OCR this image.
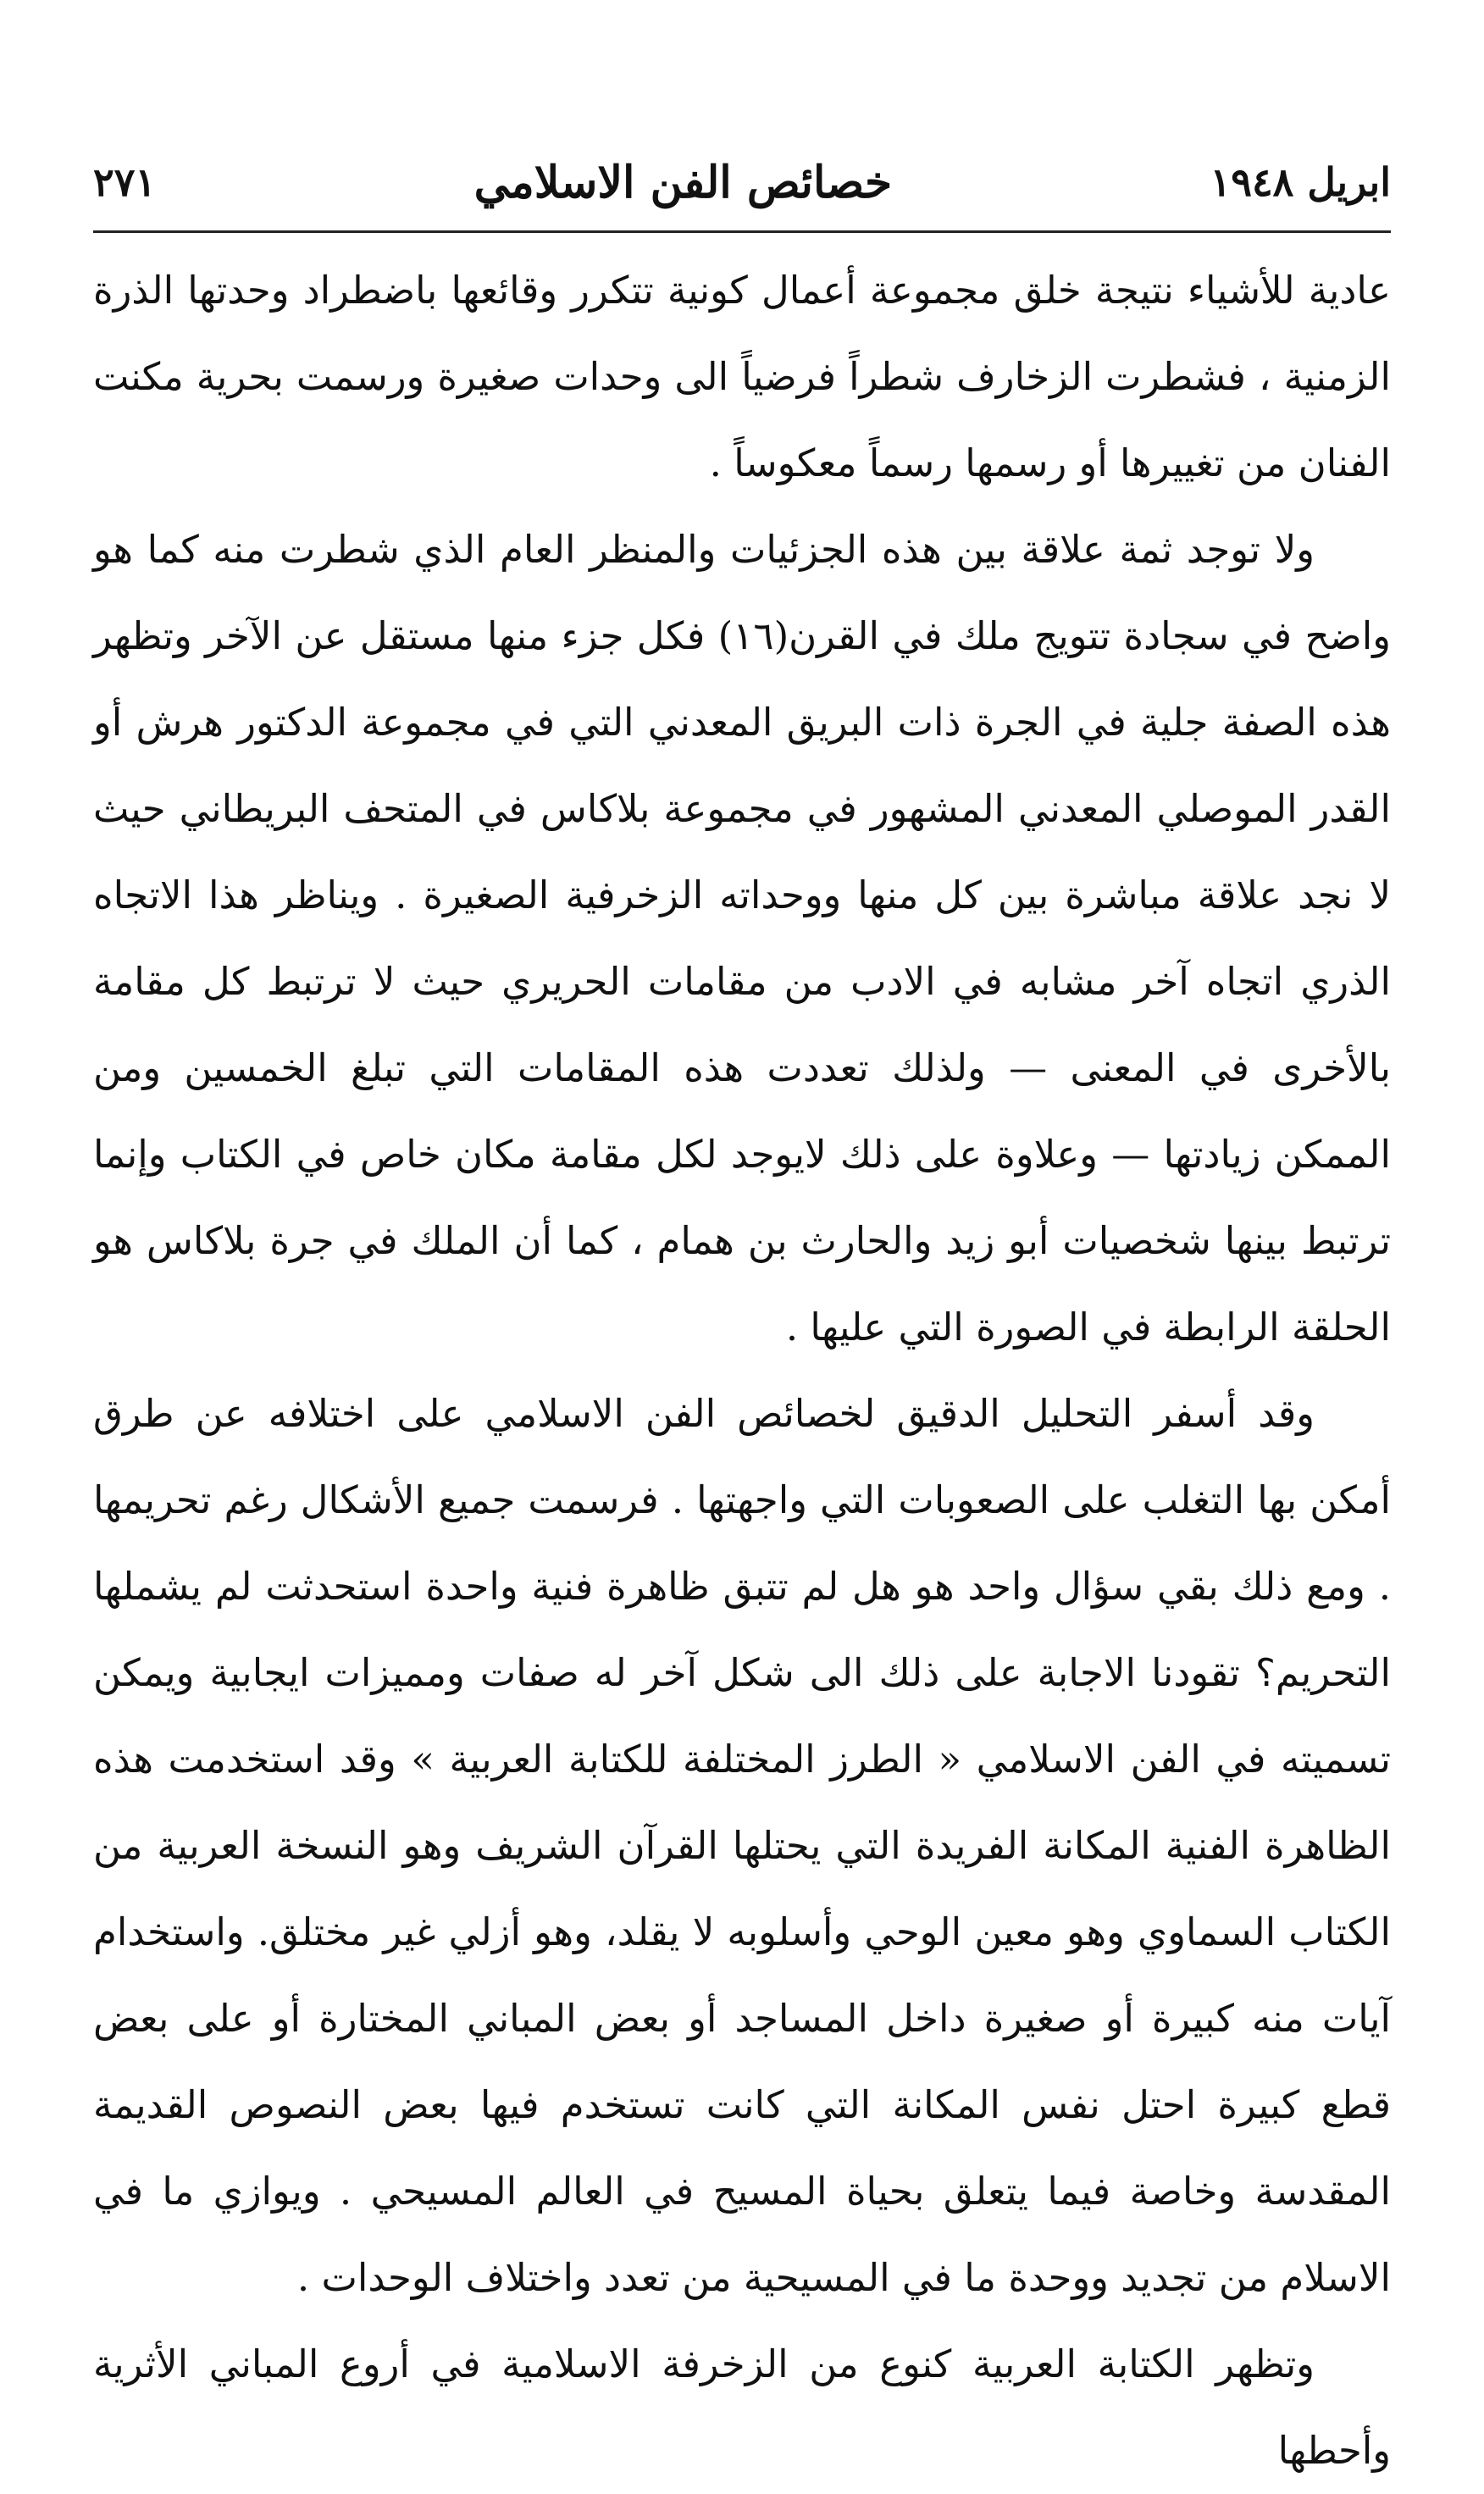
ابريل ١٩٤٨
خصائص الفن الاسلامي
٢٧١

عادية للأشياء نتيجة خلق مجموعة أعمال كونية تتكرر وقائعها باضطراد وحدتها الذرة الزمنية ، فشطرت الزخارف شطراً فرضياً الى وحدات صغيرة ورسمت بحرية مكنت الفنان من تغييرها أو رسمها رسماً معكوساً .

ولا توجد ثمة علاقة بين هذه الجزئيات والمنظر العام الذي شطرت منه كما هو واضح في سجادة تتويج ملك في القرن(١٦) فكل جزء منها مستقل عن الآخر وتظهر هذه الصفة جلية في الجرة ذات البريق المعدني التي في مجموعة الدكتور هرش أو القدر الموصلي المعدني المشهور في مجموعة بلاكاس في المتحف البريطاني حيث لا نجد علاقة مباشرة بين كل منها ووحداته الزخرفية الصغيرة . ويناظر هذا الاتجاه الذري اتجاه آخر مشابه في الادب من مقامات الحريري حيث لا ترتبط كل مقامة بالأخرى في المعنى — ولذلك تعددت هذه المقامات التي تبلغ الخمسين ومن الممكن زيادتها — وعلاوة على ذلك لايوجد لكل مقامة مكان خاص في الكتاب وإنما ترتبط بينها شخصيات أبو زيد والحارث بن همام ، كما أن الملك في جرة بلاكاس هو الحلقة الرابطة في الصورة التي عليها .

وقد أسفر التحليل الدقيق لخصائص الفن الاسلامي على اختلافه عن طرق أمكن بها التغلب على الصعوبات التي واجهتها . فرسمت جميع الأشكال رغم تحريمها . ومع ذلك بقي سؤال واحد هو هل لم تتبق ظاهرة فنية واحدة استحدثت لم يشملها التحريم؟ تقودنا الاجابة على ذلك الى شكل آخر له صفات ومميزات ايجابية ويمكن تسميته في الفن الاسلامي « الطرز المختلفة للكتابة العربية » وقد استخدمت هذه الظاهرة الفنية المكانة الفريدة التي يحتلها القرآن الشريف وهو النسخة العربية من الكتاب السماوي وهو معين الوحي وأسلوبه لا يقلد، وهو أزلي غير مختلق. واستخدام آيات منه كبيرة أو صغيرة داخل المساجد أو بعض المباني المختارة أو على بعض قطع كبيرة احتل نفس المكانة التي كانت تستخدم فيها بعض النصوص القديمة المقدسة وخاصة فيما يتعلق بحياة المسيح في العالم المسيحي . ويوازي ما في الاسلام من تجديد ووحدة ما في المسيحية من تعدد واختلاف الوحدات .

وتظهر الكتابة العربية كنوع من الزخرفة الاسلامية في أروع المباني الأثرية وأحطها
